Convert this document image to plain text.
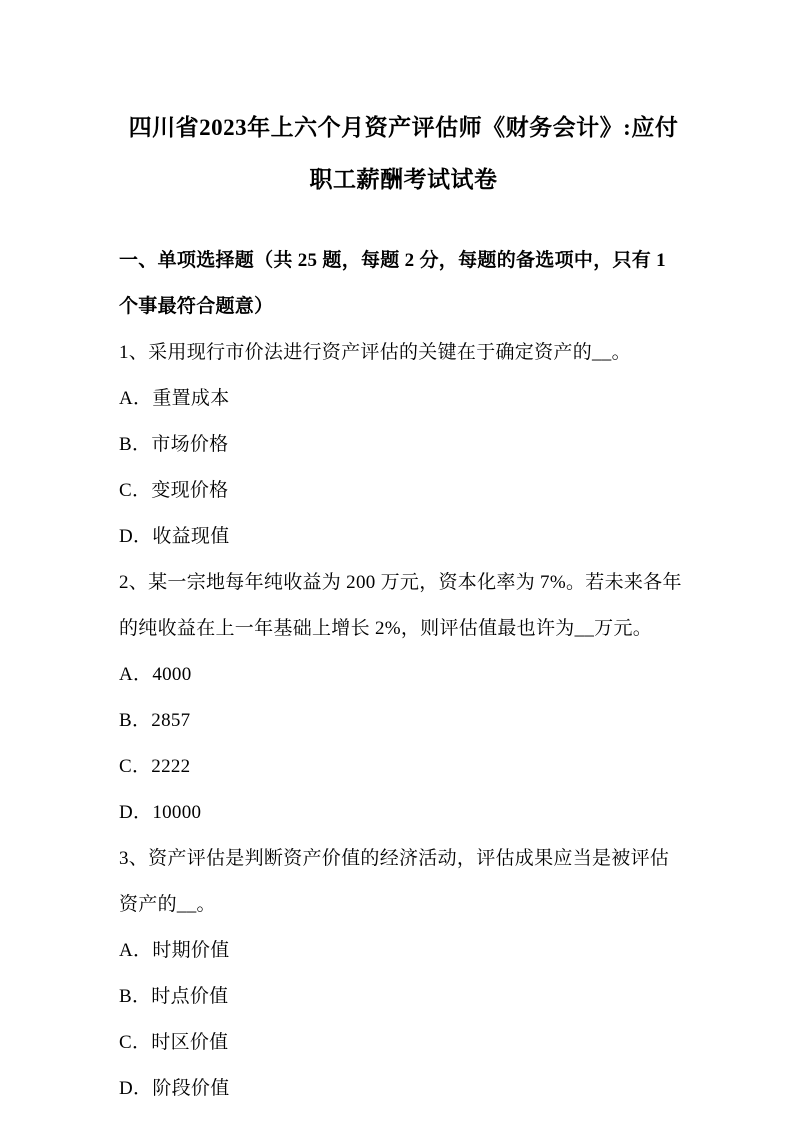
四川省2023年上六个月资产评估师《财务会计》:应付职工薪酬考试试卷

一、单项选择题（共 25 题，每题 2 分，每题的备选项中，只有 1 个事最符合题意）

1、采用现行市价法进行资产评估的关键在于确定资产的__。

A．重置成本

B．市场价格

C．变现价格

D．收益现值

2、某一宗地每年纯收益为 200 万元，资本化率为 7%。若未来各年的纯收益在上一年基础上增长 2%，则评估值最也许为__万元。

A．4000

B．2857

C．2222

D．10000

3、资产评估是判断资产价值的经济活动，评估成果应当是被评估资产的__。

A．时期价值

B．时点价值

C．时区价值

D．阶段价值
